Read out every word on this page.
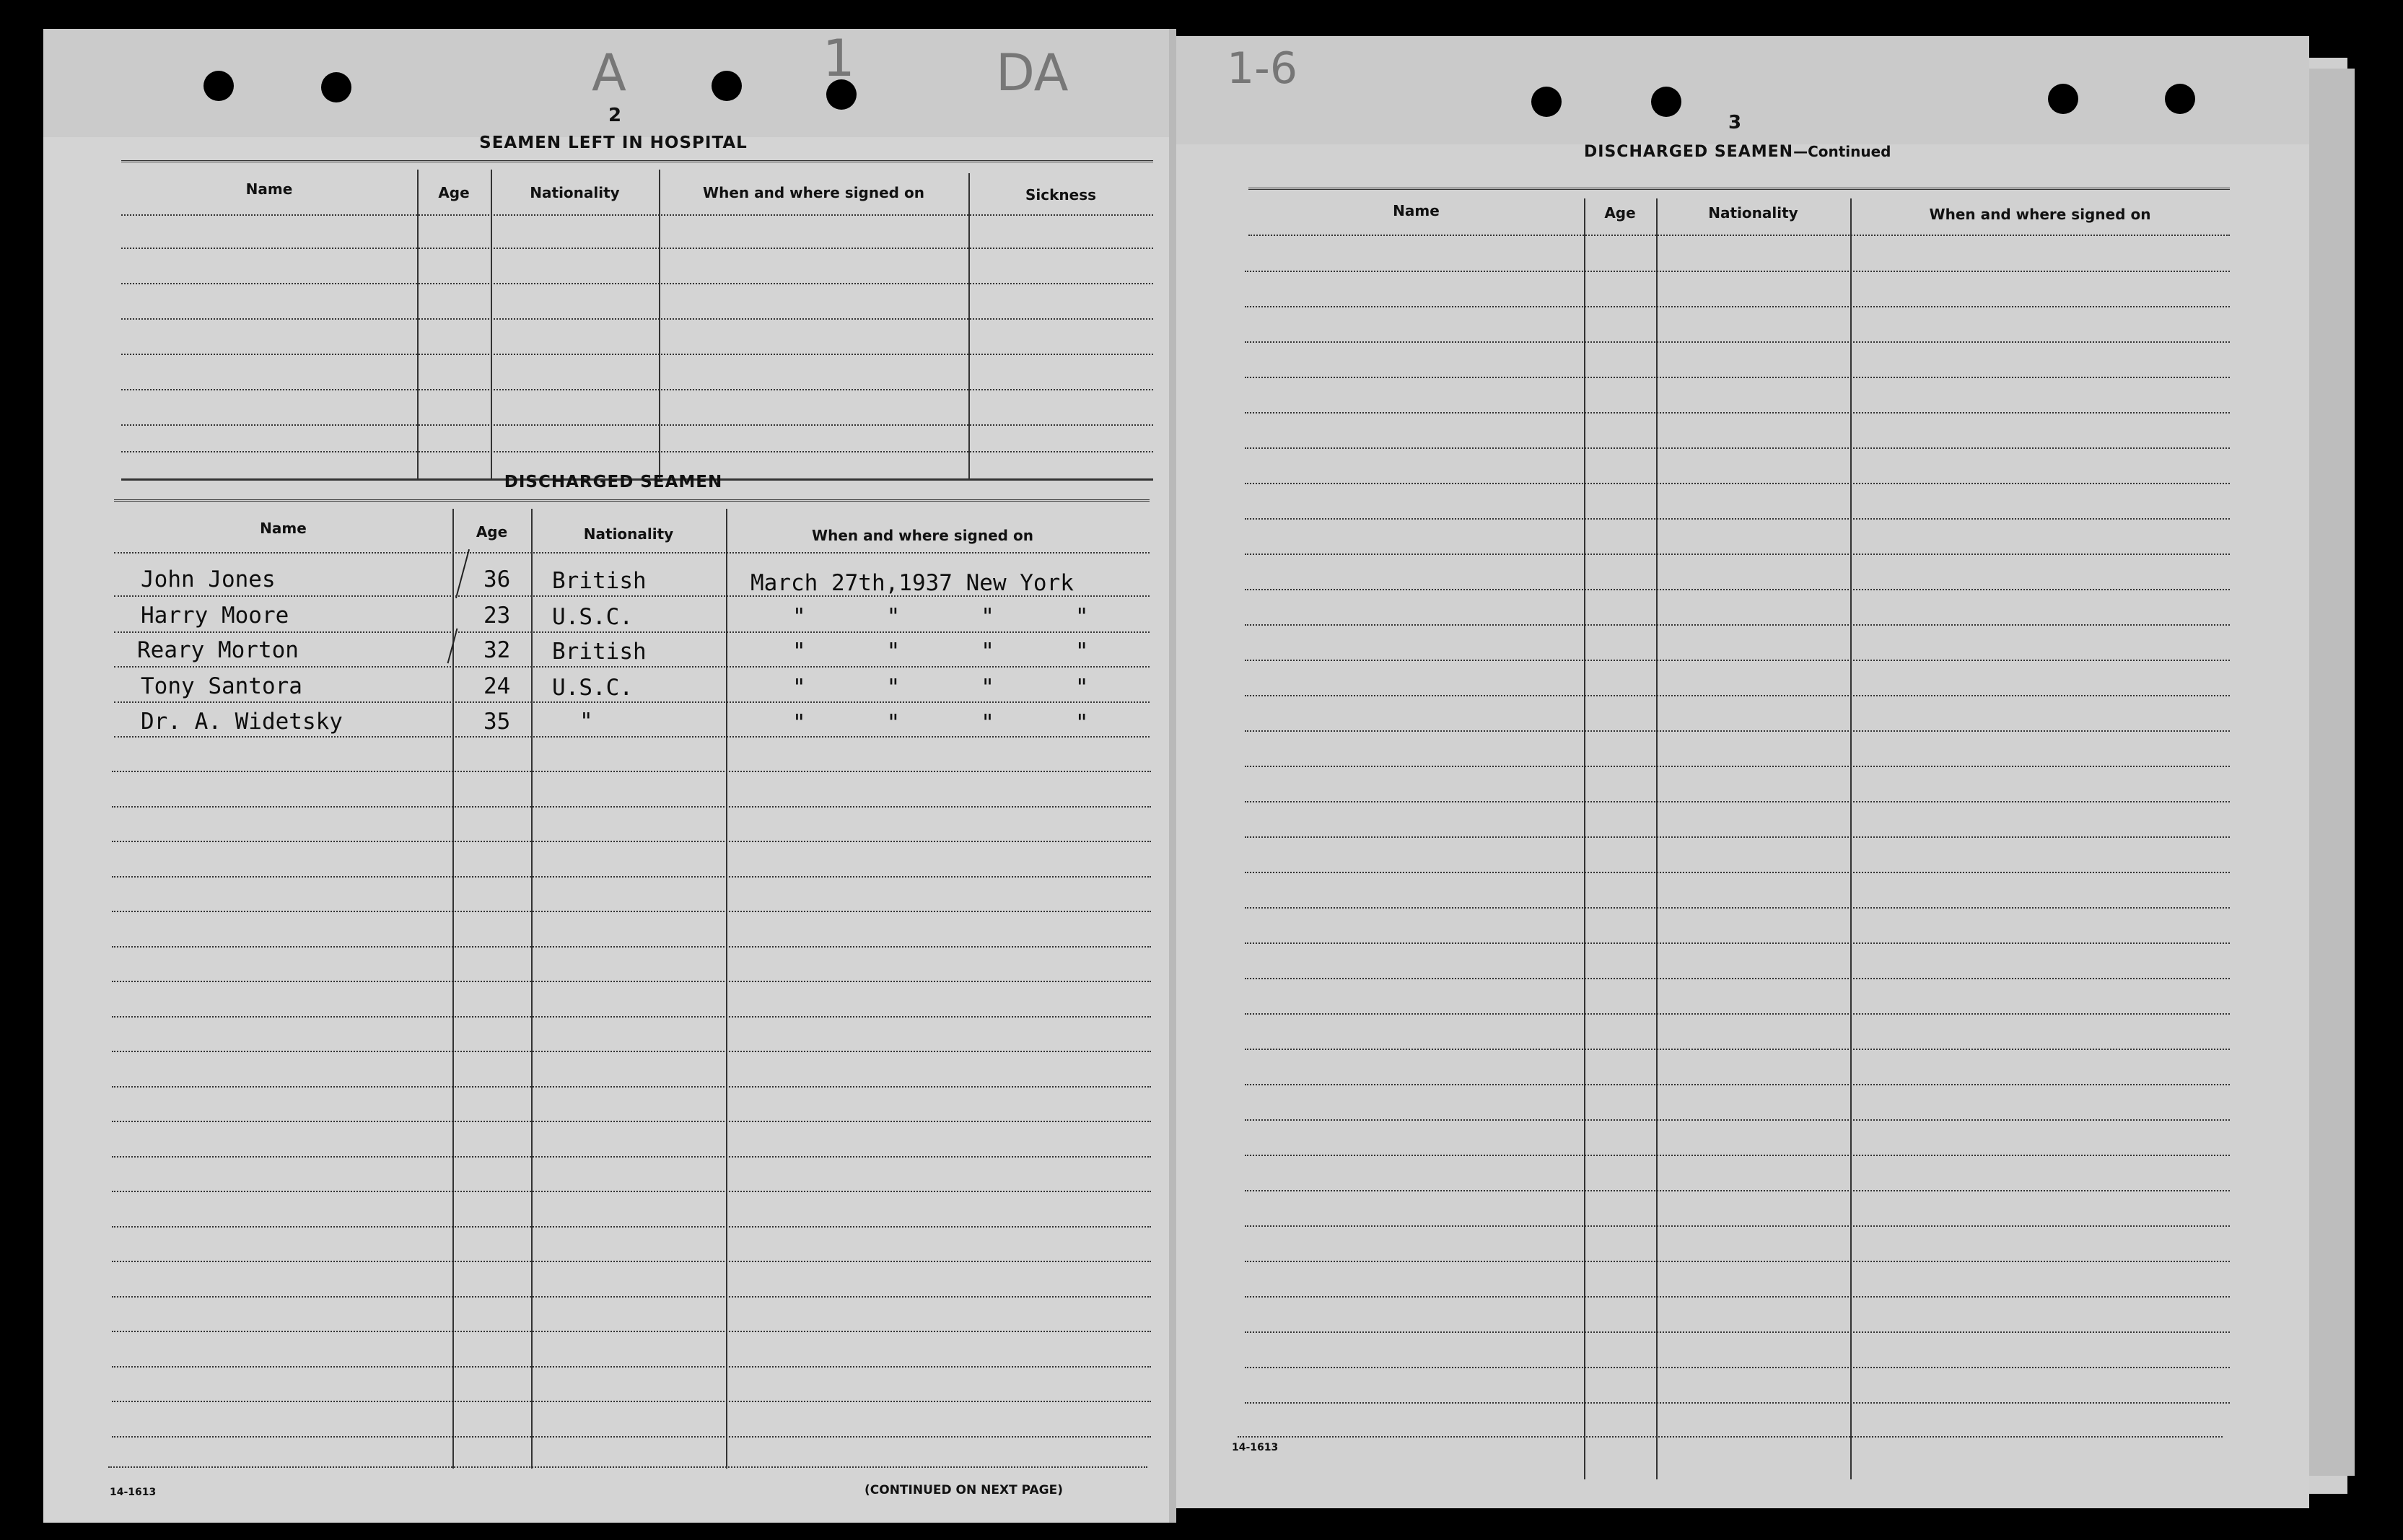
A	1	DA
2
SEAMEN LEFT IN HOSPITAL
Name	Age	Nationality	When and where signed on	Sickness
DISCHARGED SEAMEN
Name	Age	Nationality	When and where signed on
John Jones	36 British	March 27th,1937 New York
Harry Moore	23 U.S.C.	"      "      "      "
Reary Morton	32 British	"      "      "      "
Tony Santora	24 U.S.C.	"      "      "      "
Dr. A. Widetsky	35	"	"      "      "      "
14-1613	(CONTINUED ON NEXT PAGE)
1-6
3
DISCHARGED SEAMEN—Continued
Name	Age	Nationality	When and where signed on
14-1613
